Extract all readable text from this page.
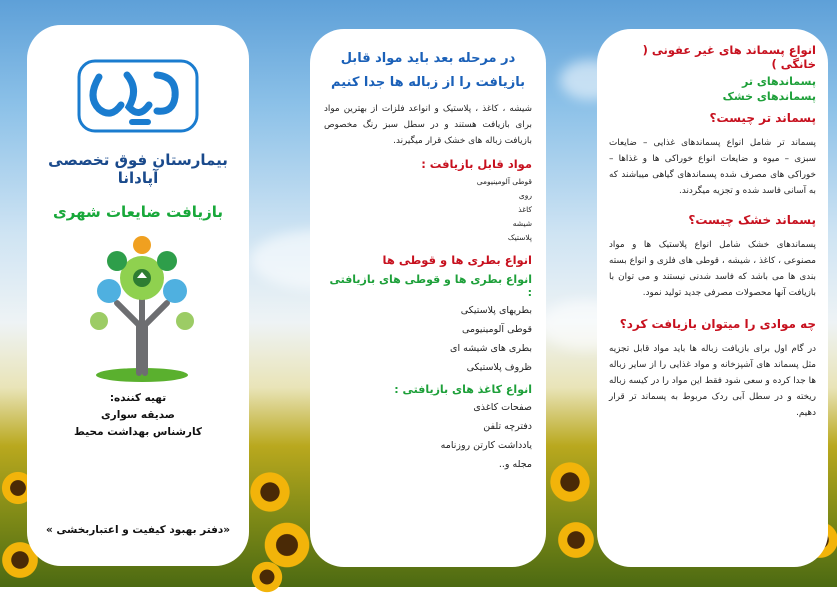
بیمارستان فوق تخصصی آپادانا
بازیافت ضایعات شهری
تهیه کننده:
صدیقه سواری
کارشناس بهداشت محیط
«دفتر بهبود کیفیت و اعتباربخشی »
در مرحله بعد باید مواد قابل بازیافت را از زباله ها جدا کنیم

شیشه ، کاغذ ، پلاستیک و انواعد فلزات از بهترین مواد برای بازیافت هستند و در سطل سبز رنگ مخصوص بازیافت زباله های خشک قرار میگیرند.

مواد قابل بازیافت :
قوطی آلومینیومی
روی
کاغذ
شیشه
پلاستیک
انواع بطری ها و قوطی ها
انواع بطری ها و قوطی های بازیافتی :
بطریهای پلاستیکی
قوطی آلومینیومی
بطری های شیشه ای
ظروف پلاستیکی
انواع کاغذ های بازیافتی :
صفحات کاغذی
دفترچه تلفن
یادداشت کارتن روزنامه
مجله و..
انواع پسماند های غیر عفونی ( خانگی )
پسماندهای تر
پسماندهای خشک
پسماند تر چیست؟

پسماند تر شامل انواع پسماندهای غذایی – ضایعات سبزی – میوه و ضایعات انواع خوراکی ها و غذاها – خوراکی های مصرف شده پسماندهای گیاهی میباشند که به آسانی فاسد شده و تجزیه میگردند.

پسماند خشک چیست؟

پسماندهای خشک شامل انواع پلاستیک ها و مواد مصنوعی ، کاغذ ، شیشه ، قوطی های فلزی و انواع بسته بندی ها می باشد که فاسد شدنی نیستند و می توان با بازیافت آنها محصولات مصرفی جدید تولید نمود.

چه موادی را میتوان بازیافت کرد؟

در گام اول برای بازیافت زباله ها باید مواد قابل تجزیه مثل پسماند های آشپزخانه و مواد غذایی را از سایر زباله ها جدا کرده و سعی شود فقط این مواد را در کیسه زباله ریخته و در سطل آبی ردک مربوط به پسماند تر قرار دهیم.
